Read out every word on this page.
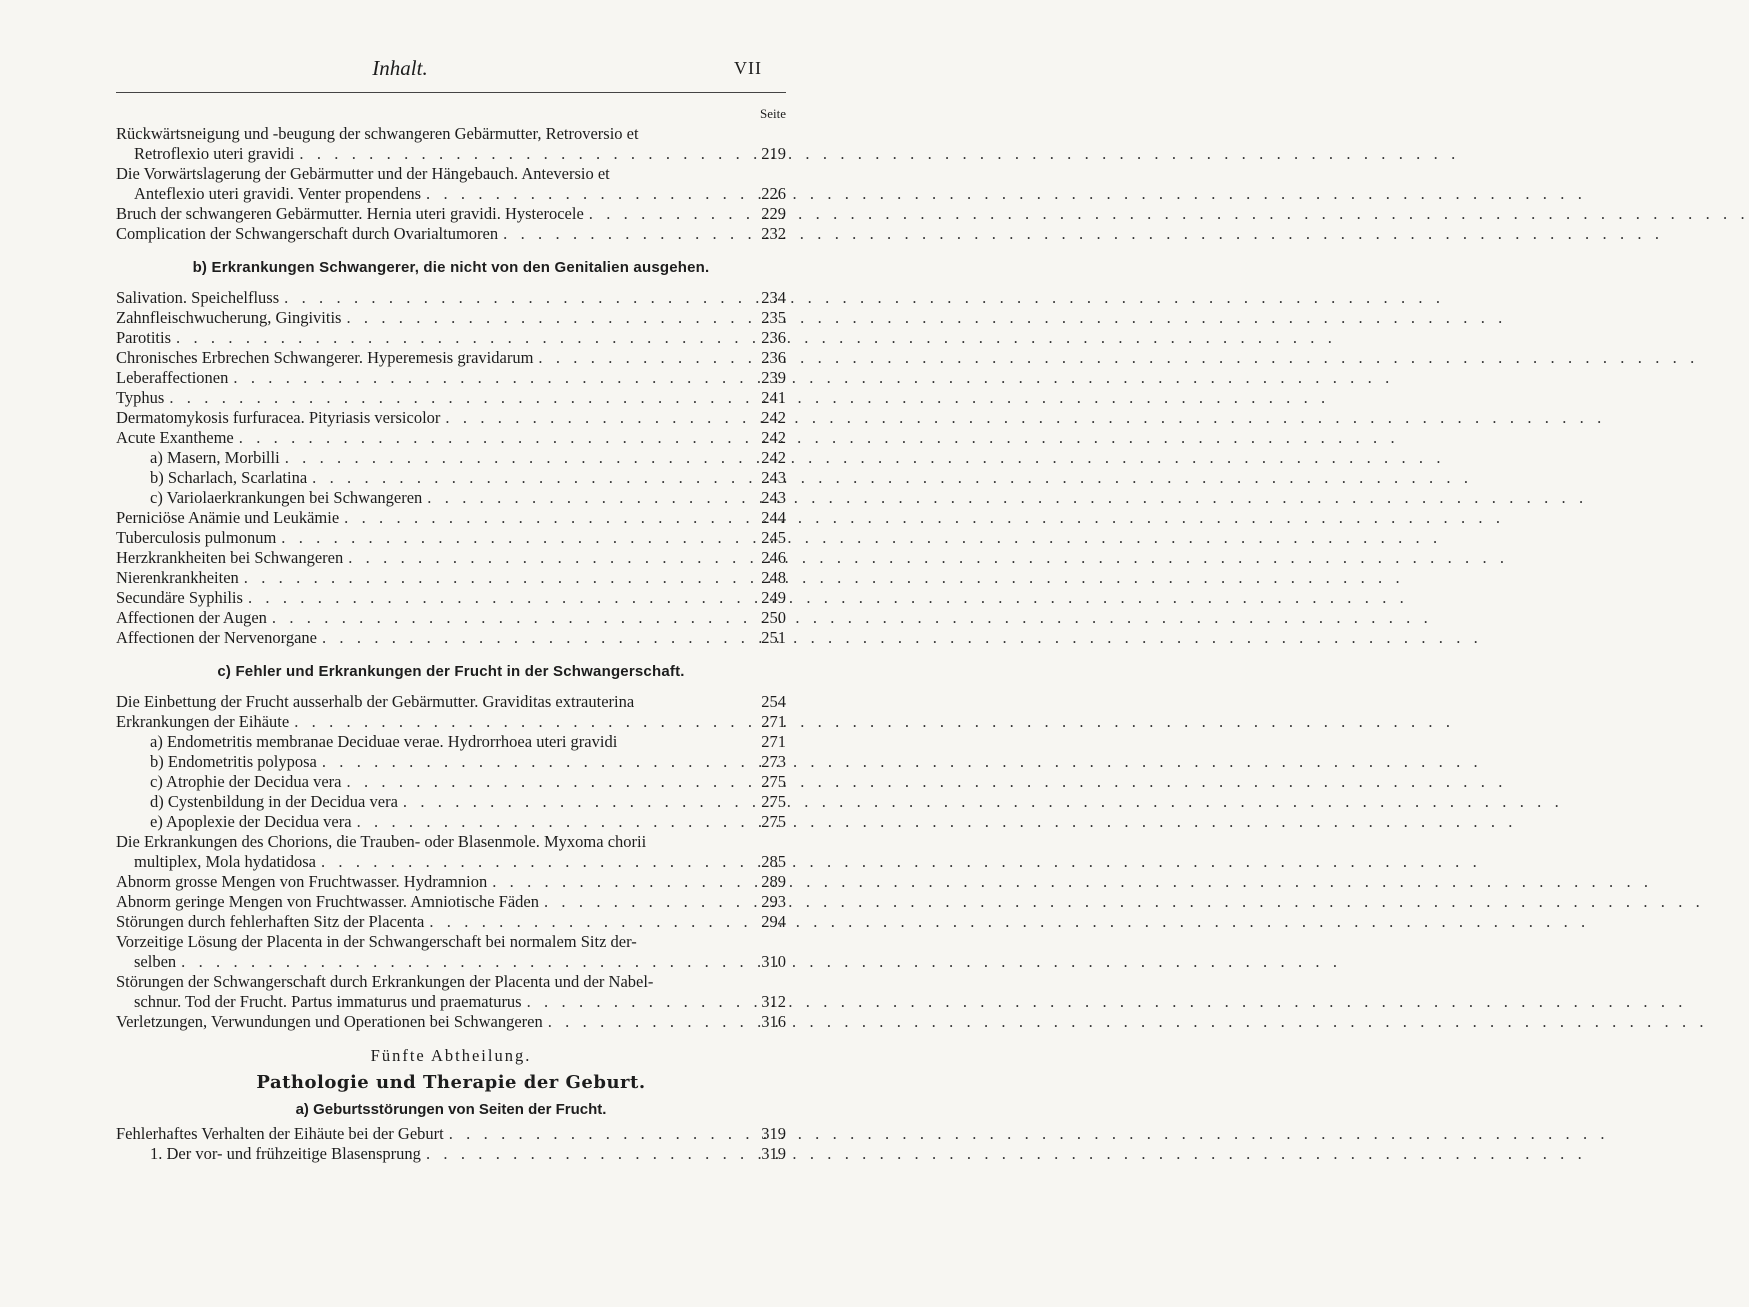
Inhalt.	VII
Seite
Rückwärtsneigung und -beugung der schwangeren Gebärmutter, Retroversio et
Retroflexio uteri gravidi . . .	219
Die Vorwärtslagerung der Gebärmutter und der Hängebauch. Anteversio et
Anteflexio uteri gravidi. Venter propendens . . .	226
Bruch der schwangeren Gebärmutter. Hernia uteri gravidi. Hysterocele . . .	229
Complication der Schwangerschaft durch Ovarialtumoren . . .	232
b) Erkrankungen Schwangerer, die nicht von den Genitalien ausgehen.
Salivation. Speichelfluss . . .	234
Zahnfleischwucherung, Gingivitis . . .	235
Parotitis . . .	236
Chronisches Erbrechen Schwangerer. Hyperemesis gravidarum . . .	236
Leberaffectionen . . .	239
Typhus . . .	241
Dermatomykosis furfuracea. Pityriasis versicolor . . .	242
Acute Exantheme . . .	242
a) Masern, Morbilli . . .	242
b) Scharlach, Scarlatina . . .	243
c) Variolaerkrankungen bei Schwangeren . . .	243
Perniciöse Anämie und Leukämie . . .	244
Tuberculosis pulmonum . . .	245
Herzkrankheiten bei Schwangeren . . .	246
Nierenkrankheiten . . .	248
Secundäre Syphilis . . .	249
Affectionen der Augen . . .	250
Affectionen der Nervenorgane . . .	251
c) Fehler und Erkrankungen der Frucht in der Schwangerschaft.
Die Einbettung der Frucht ausserhalb der Gebärmutter. Graviditas extrauterina	254
Erkrankungen der Eihäute . . .	271
a) Endometritis membranae Deciduae verae. Hydrorrhoea uteri gravidi	271
b) Endometritis polyposa . . .	273
c) Atrophie der Decidua vera . . .	275
d) Cystenbildung in der Decidua vera . . .	275
e) Apoplexie der Decidua vera . . .	275
Die Erkrankungen des Chorions, die Trauben- oder Blasenmole. Myxoma chorii
multiplex, Mola hydatidosa . . .	285
Abnorm grosse Mengen von Fruchtwasser. Hydramnion . . .	289
Abnorm geringe Mengen von Fruchtwasser. Amniotische Fäden . . .	293
Störungen durch fehlerhaften Sitz der Placenta . . .	294
Vorzeitige Lösung der Placenta in der Schwangerschaft bei normalem Sitz der-
selben . . .	310
Störungen der Schwangerschaft durch Erkrankungen der Placenta und der Nabel-
schnur. Tod der Frucht. Partus immaturus und praematurus . . .	312
Verletzungen, Verwundungen und Operationen bei Schwangeren . . .	316
Fünfte Abtheilung.
Pathologie und Therapie der Geburt.
a) Geburtsstörungen von Seiten der Frucht.
Fehlerhaftes Verhalten der Eihäute bei der Geburt . . .	319
1. Der vor- und frühzeitige Blasensprung . . .	319
